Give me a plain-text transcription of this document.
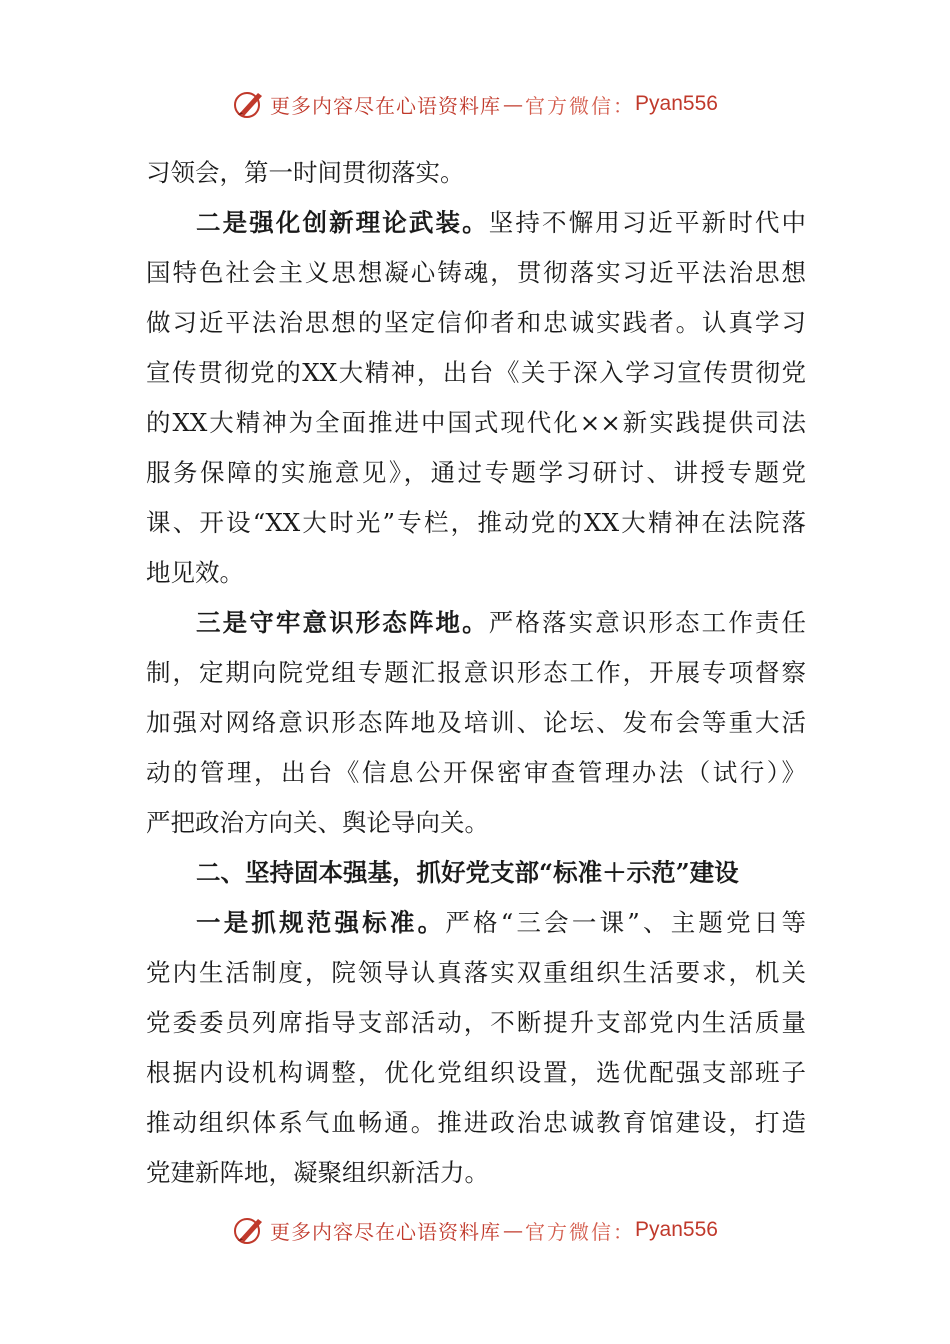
更多内容尽在心语资料库 — 官方微信： Pyan556
习领会，第一时间贯彻落实。
二是强化创新理论武装。坚持不懈用习近平新时代中
国特色社会主义思想凝心铸魂，贯彻落实习近平法治思想
做习近平法治思想的坚定信仰者和忠诚实践者。认真学习
宣传贯彻党的XX大精神，出台《关于深入学习宣传贯彻党
的XX大精神为全面推进中国式现代化××新实践提供司法
服务保障的实施意见》，通过专题学习研讨、讲授专题党
课、开设“XX大时光”专栏，推动党的XX大精神在法院落
地见效。
三是守牢意识形态阵地。严格落实意识形态工作责任
制，定期向院党组专题汇报意识形态工作，开展专项督察
加强对网络意识形态阵地及培训、论坛、发布会等重大活
动的管理，出台《信息公开保密审查管理办法（试行）》
严把政治方向关、舆论导向关。
二、坚持固本强基，抓好党支部“标准＋示范”建设
一是抓规范强标准。严格“三会一课”、主题党日等
党内生活制度，院领导认真落实双重组织生活要求，机关
党委委员列席指导支部活动，不断提升支部党内生活质量
根据内设机构调整，优化党组织设置，选优配强支部班子
推动组织体系气血畅通。推进政治忠诚教育馆建设，打造
党建新阵地，凝聚组织新活力。
更多内容尽在心语资料库 — 官方微信： Pyan556
